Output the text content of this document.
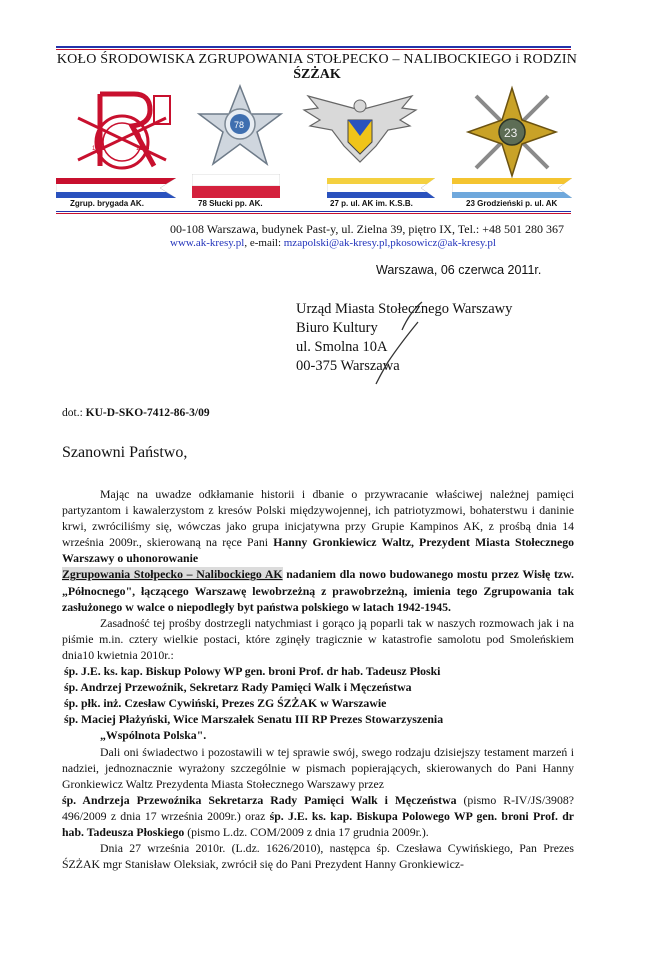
KOŁO ŚRODOWISKA ZGRUPOWANIA STOŁPECKO – NALIBOCKIEGO i RODZIN
ŚZŻAK
1943	1945
78
23
Zgrup. brygada AK.	78 Słucki pp. AK.	27 p. ul. AK im. K.S.B.	23 Grodzieński p. ul. AK
00-108 Warszawa, budynek Past-y, ul. Zielna 39, piętro IX, Tel.: +48 501 280 367
www.ak-kresy.pl, e-mail: mzapolski@ak-kresy.pl,pkosowicz@ak-kresy.pl
Warszawa, 06 czerwca 2011r.
Urząd Miasta Stołecznego Warszawy
Biuro Kultury
ul. Smolna 10A
00-375 Warszawa
dot.: KU-D-SKO-7412-86-3/09
Szanowni Państwo,

Mając na uwadze odkłamanie historii i dbanie o przywracanie właściwej należnej pamięci partyzantom i kawalerzystom z kresów Polski międzywojennej, ich patriotyzmowi, bohaterstwu i daninie krwi, zwróciliśmy się, wówczas jako grupa inicjatywna przy Grupie Kampinos AK, z prośbą dnia 14 września 2009r., skierowaną na ręce Pani Hanny Gronkiewicz Waltz, Prezydent Miasta Stołecznego Warszawy o uhonorowanie
Zgrupowania Stołpecko – Nalibockiego AK nadaniem dla nowo budowanego mostu przez Wisłę tzw. „Północnego", łączącego Warszawę lewobrzeżną z prawobrzeżną, imienia tego Zgrupowania tak zasłużonego w walce o niepodległy byt państwa polskiego w latach 1942-1945.

Zasadność tej prośby dostrzegli natychmiast i gorąco ją poparli tak w naszych rozmowach jak i na piśmie m.in. cztery wielkie postaci, które zginęły tragicznie w katastrofie samolotu pod Smoleńskiem dnia10 kwietnia 2010r.:

śp. J.E. ks. kap. Biskup Polowy WP gen. broni Prof. dr hab. Tadeusz Płoski

śp. Andrzej Przewoźnik, Sekretarz Rady Pamięci Walk i Męczeństwa

śp. płk. inż. Czesław Cywiński, Prezes ZG ŚZŻAK w Warszawie

śp. Maciej Płażyński, Wice Marszałek Senatu III RP Prezes Stowarzyszenia

„Wspólnota Polska".

Dali oni świadectwo i pozostawili w tej sprawie swój, swego rodzaju dzisiejszy testament marzeń i nadziei, jednoznacznie wyrażony szczególnie w pismach popierających, skierowanych do Pani Hanny Gronkiewicz Waltz Prezydenta Miasta Stołecznego Warszawy przez

śp. Andrzeja Przewoźnika Sekretarza Rady Pamięci Walk i Męczeństwa (pismo R-IV/JS/3908?496/2009 z dnia 17 września 2009r.) oraz śp. J.E. ks. kap. Biskupa Polowego WP gen. broni Prof. dr hab. Tadeusza Płoskiego (pismo L.dz. COM/2009 z dnia 17 grudnia 2009r.).

Dnia 27 września 2010r. (L.dz. 1626/2010), następca śp. Czesława Cywińskiego, Pan Prezes ŚZŻAK mgr Stanisław Oleksiak, zwrócił się do Pani Prezydent Hanny Gronkiewicz-
